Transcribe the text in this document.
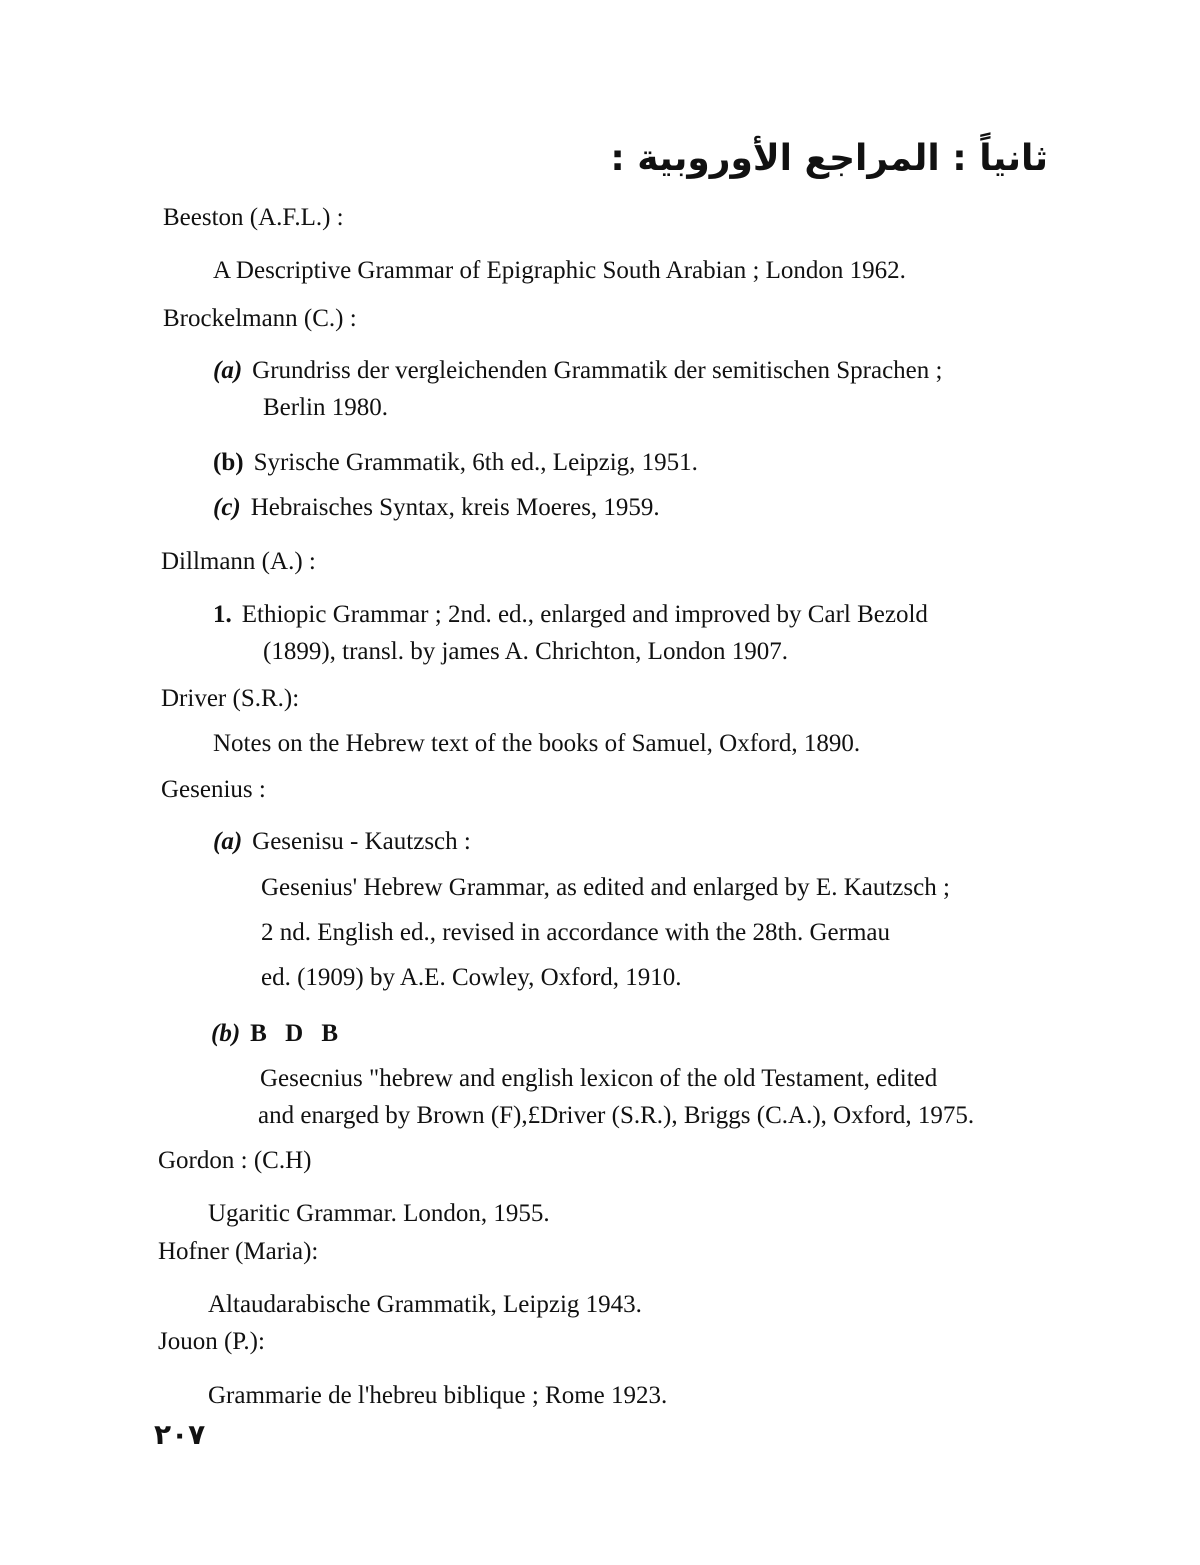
ثانياً : المراجع الأوروبية :
Beeston (A.F.L.) :
A Descriptive Grammar of Epigraphic South Arabian ; London 1962.
Brockelmann (C.) :
(a) Grundriss der vergleichenden Grammatik der semitischen Sprachen ;
Berlin 1980.
(b) Syrische Grammatik, 6th ed., Leipzig, 1951.
(c) Hebraisches Syntax, kreis Moeres, 1959.
Dillmann (A.) :
1. Ethiopic Grammar ; 2nd. ed., enlarged and improved by Carl Bezold
(1899), transl. by james A. Chrichton, London 1907.
Driver (S.R.):
Notes on the Hebrew text of the books of Samuel, Oxford, 1890.
Gesenius :
(a) Gesenisu - Kautzsch :
Gesenius' Hebrew Grammar, as edited and enlarged by E. Kautzsch ;
2 nd. English ed., revised in accordance with the 28th. Germau
ed. (1909) by A.E. Cowley, Oxford, 1910.
(b) B D B
Gesecnius "hebrew and english lexicon of the old Testament, edited
and enarged by Brown (F),£Driver (S.R.), Briggs (C.A.), Oxford, 1975.
Gordon : (C.H)
Ugaritic Grammar. London, 1955.
Hofner (Maria):
Altaudarabische Grammatik, Leipzig 1943.
Jouon (P.):
Grammarie de l'hebreu biblique ; Rome 1923.
٢٠٧
